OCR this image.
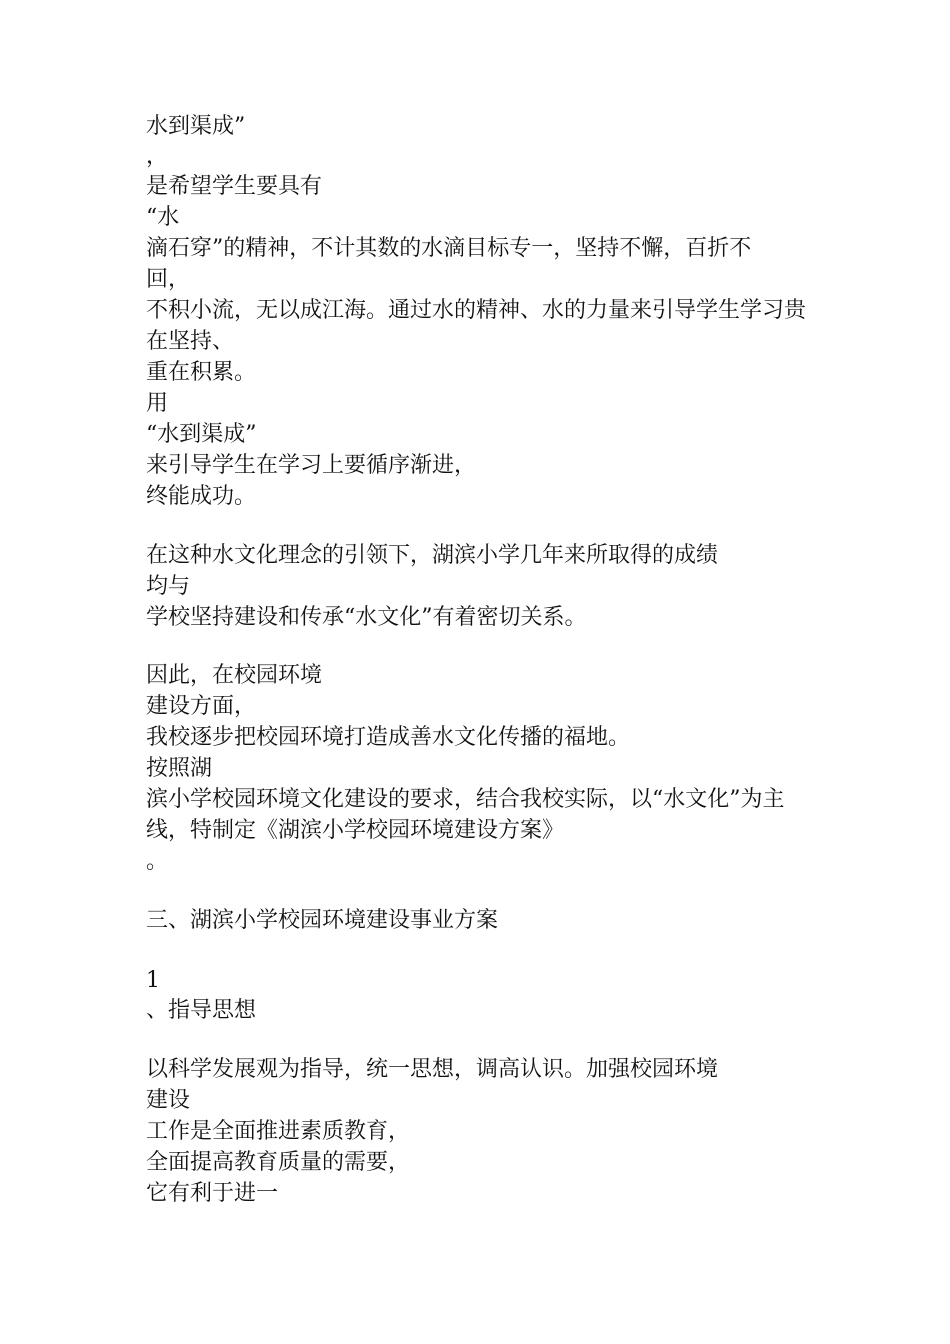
水到渠成”
，
是希望学生要具有
“水
滴石穿”的精神，不计其数的水滴目标专一，坚持不懈，百折不
回，
不积小流，无以成江海。通过水的精神、水的力量来引导学生学习贵
在坚持、
重在积累。
用
“水到渠成”
来引导学生在学习上要循序渐进，
终能成功。
在这种水文化理念的引领下，湖滨小学几年来所取得的成绩
均与
学校坚持建设和传承“水文化”有着密切关系。
因此，在校园环境
建设方面，
我校逐步把校园环境打造成善水文化传播的福地。
按照湖
滨小学校园环境文化建设的要求，结合我校实际，以“水文化”为主
线，特制定《湖滨小学校园环境建设方案》
。
三、湖滨小学校园环境建设事业方案
1
、指导思想
以科学发展观为指导，统一思想，调高认识。加强校园环境
建设
工作是全面推进素质教育，
全面提高教育质量的需要，
它有利于进一
